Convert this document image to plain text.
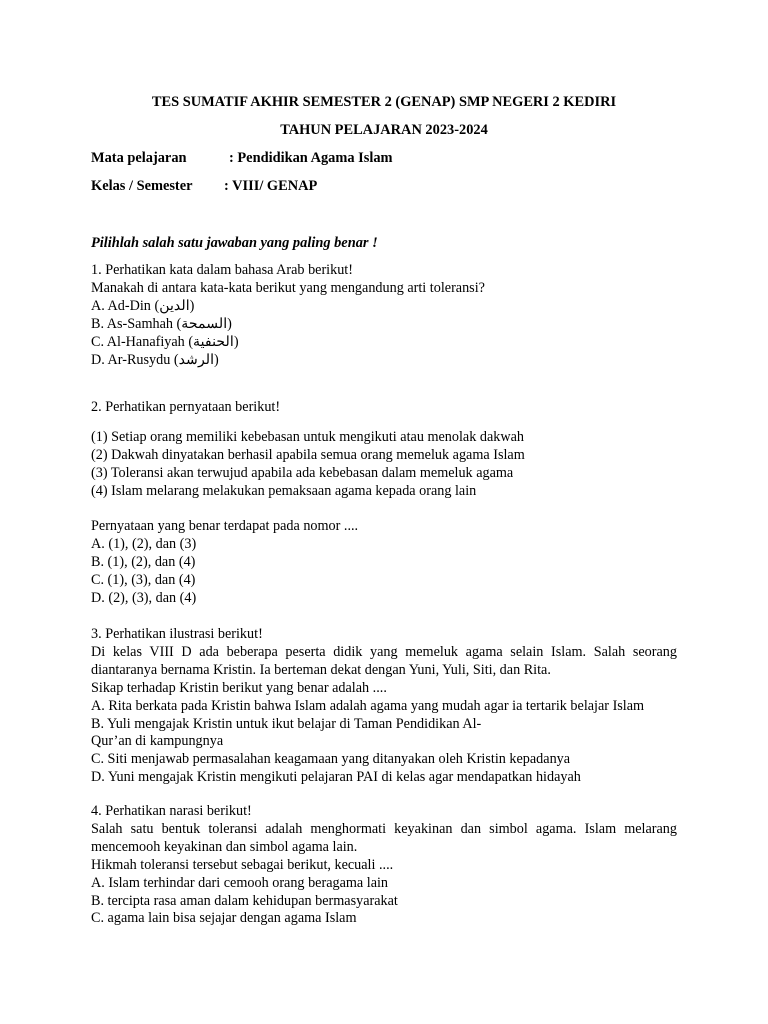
TES SUMATIF AKHIR SEMESTER 2 (GENAP) SMP NEGERI 2 KEDIRI
TAHUN PELAJARAN 2023-2024
Mata pelajaran	: Pendidikan Agama Islam
Kelas / Semester : VIII/ GENAP
Pilihlah salah satu jawaban yang paling benar !
1. Perhatikan kata dalam bahasa Arab berikut!
Manakah di antara kata-kata berikut yang mengandung arti toleransi?
A. Ad-Din (الدين)
B. As-Samhah (السمحة)
C. Al-Hanafiyah (الحنفية)
D. Ar-Rusydu (الرشد)
2. Perhatikan pernyataan berikut!
(1) Setiap orang memiliki kebebasan untuk mengikuti atau menolak dakwah
(2) Dakwah dinyatakan berhasil apabila semua orang memeluk agama Islam
(3) Toleransi akan terwujud apabila ada kebebasan dalam memeluk agama
(4) Islam melarang melakukan pemaksaan agama kepada orang lain
Pernyataan yang benar terdapat pada nomor ....
A. (1), (2), dan (3)
B. (1), (2), dan (4)
C. (1), (3), dan (4)
D. (2), (3), dan (4)
3. Perhatikan ilustrasi berikut!
Di kelas VIII D ada beberapa peserta didik yang memeluk agama selain Islam. Salah seorang
diantaranya bernama Kristin. Ia berteman dekat dengan Yuni, Yuli, Siti, dan Rita.
Sikap terhadap Kristin berikut yang benar adalah ....
A. Rita berkata pada Kristin bahwa Islam adalah agama yang mudah agar ia tertarik belajar Islam
B. Yuli mengajak Kristin untuk ikut belajar di Taman Pendidikan Al-
Qur’an di kampungnya
C. Siti menjawab permasalahan keagamaan yang ditanyakan oleh Kristin kepadanya
D. Yuni mengajak Kristin mengikuti pelajaran PAI di kelas agar mendapatkan hidayah
4. Perhatikan narasi berikut!
Salah satu bentuk toleransi adalah menghormati keyakinan dan simbol agama. Islam melarang
mencemooh keyakinan dan simbol agama lain.
Hikmah toleransi tersebut sebagai berikut, kecuali ....
A. Islam terhindar dari cemooh orang beragama lain
B. tercipta rasa aman dalam kehidupan bermasyarakat
C. agama lain bisa sejajar dengan agama Islam
